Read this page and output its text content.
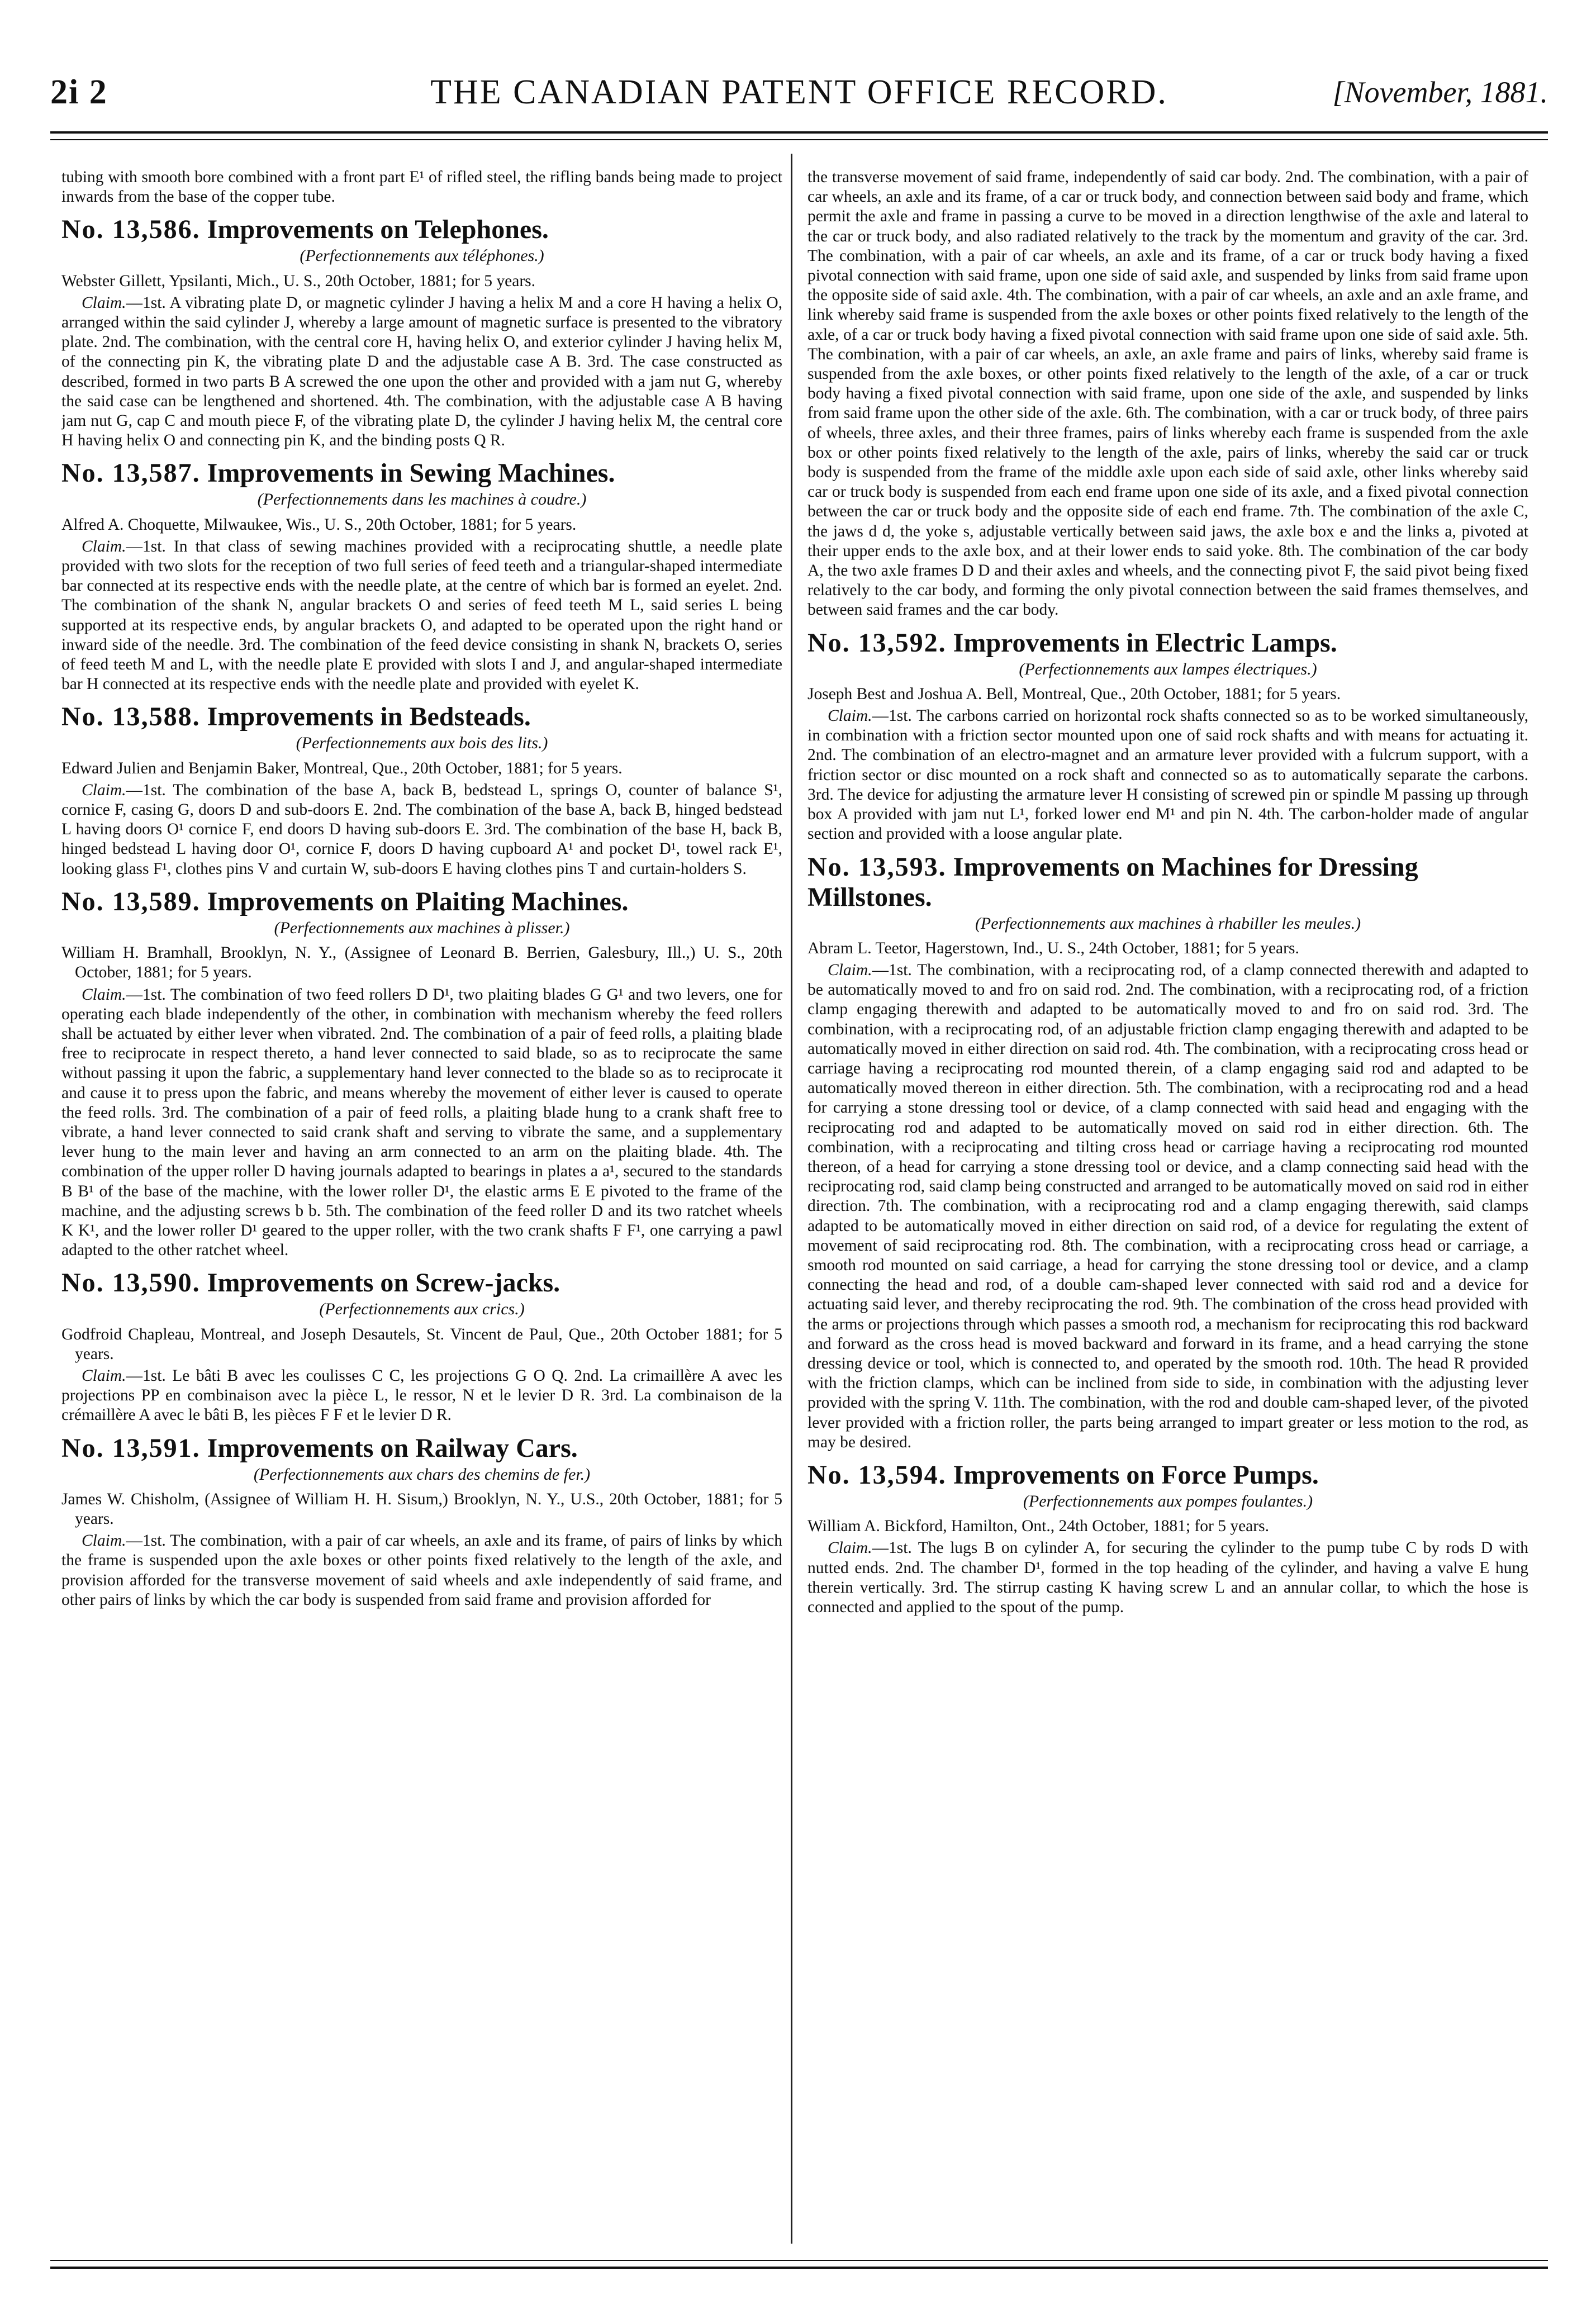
2i 2	THE CANADIAN PATENT OFFICE RECORD.	[November, 1881.

tubing with smooth bore combined with a front part E¹ of rifled steel, the rifling bands being made to project inwards from the base of the copper tube.

No. 13,586. Improvements on Telephones.
(Perfectionnements aux téléphones.)

Webster Gillett, Ypsilanti, Mich., U. S., 20th October, 1881; for 5 years.

Claim.—1st. A vibrating plate D, or magnetic cylinder J having a helix M and a core H having a helix O, arranged within the said cylinder J, whereby a large amount of magnetic surface is presented to the vibratory plate. 2nd. The combination, with the central core H, having helix O, and exterior cylinder J having helix M, of the connecting pin K, the vibrating plate D and the adjustable case A B. 3rd. The case constructed as described, formed in two parts B A screwed the one upon the other and provided with a jam nut G, whereby the said case can be lengthened and shortened. 4th. The combination, with the adjustable case A B having jam nut G, cap C and mouth piece F, of the vibrating plate D, the cylinder J having helix M, the central core H having helix O and connecting pin K, and the binding posts Q R.

No. 13,587. Improvements in Sewing Machines.
(Perfectionnements dans les machines à coudre.)

Alfred A. Choquette, Milwaukee, Wis., U. S., 20th October, 1881; for 5 years.

Claim.—1st. In that class of sewing machines provided with a reciprocating shuttle, a needle plate provided with two slots for the reception of two full series of feed teeth and a triangular-shaped intermediate bar connected at its respective ends with the needle plate, at the centre of which bar is formed an eyelet. 2nd. The combination of the shank N, angular brackets O and series of feed teeth M L, said series L being supported at its respective ends, by angular brackets O, and adapted to be operated upon the right hand or inward side of the needle. 3rd. The combination of the feed device consisting in shank N, brackets O, series of feed teeth M and L, with the needle plate E provided with slots I and J, and angular-shaped intermediate bar H connected at its respective ends with the needle plate and provided with eyelet K.

No. 13,588. Improvements in Bedsteads.
(Perfectionnements aux bois des lits.)

Edward Julien and Benjamin Baker, Montreal, Que., 20th October, 1881; for 5 years.

Claim.—1st. The combination of the base A, back B, bedstead L, springs O, counter of balance S¹, cornice F, casing G, doors D and sub-doors E. 2nd. The combination of the base A, back B, hinged bedstead L having doors O¹ cornice F, end doors D having sub-doors E. 3rd. The combination of the base H, back B, hinged bedstead L having door O¹, cornice F, doors D having cupboard A¹ and pocket D¹, towel rack E¹, looking glass F¹, clothes pins V and curtain W, sub-doors E having clothes pins T and curtain-holders S.

No. 13,589. Improvements on Plaiting Machines.
(Perfectionnements aux machines à plisser.)

William H. Bramhall, Brooklyn, N. Y., (Assignee of Leonard B. Berrien, Galesbury, Ill.,) U. S., 20th October, 1881; for 5 years.

Claim.—1st. The combination of two feed rollers D D¹, two plaiting blades G G¹ and two levers, one for operating each blade independently of the other, in combination with mechanism whereby the feed rollers shall be actuated by either lever when vibrated. 2nd. The combination of a pair of feed rolls, a plaiting blade free to reciprocate in respect thereto, a hand lever connected to said blade, so as to reciprocate the same without passing it upon the fabric, a supplementary hand lever connected to the blade so as to reciprocate it and cause it to press upon the fabric, and means whereby the movement of either lever is caused to operate the feed rolls. 3rd. The combination of a pair of feed rolls, a plaiting blade hung to a crank shaft free to vibrate, a hand lever connected to said crank shaft and serving to vibrate the same, and a supplementary lever hung to the main lever and having an arm connected to an arm on the plaiting blade. 4th. The combination of the upper roller D having journals adapted to bearings in plates a a¹, secured to the standards B B¹ of the base of the machine, with the lower roller D¹, the elastic arms E E pivoted to the frame of the machine, and the adjusting screws b b. 5th. The combination of the feed roller D and its two ratchet wheels K K¹, and the lower roller D¹ geared to the upper roller, with the two crank shafts F F¹, one carrying a pawl adapted to the other ratchet wheel.

No. 13,590. Improvements on Screw-jacks.
(Perfectionnements aux crics.)

Godfroid Chapleau, Montreal, and Joseph Desautels, St. Vincent de Paul, Que., 20th October 1881; for 5 years.

Claim.—1st. Le bâti B avec les coulisses C C, les projections G O Q. 2nd. La crimaillère A avec les projections PP en combinaison avec la pièce L, le ressor, N et le levier D R. 3rd. La combinaison de la crémaillère A avec le bâti B, les pièces F F et le levier D R.

No. 13,591. Improvements on Railway Cars.
(Perfectionnements aux chars des chemins de fer.)

James W. Chisholm, (Assignee of William H. H. Sisum,) Brooklyn, N. Y., U.S., 20th October, 1881; for 5 years.

Claim.—1st. The combination, with a pair of car wheels, an axle and its frame, of pairs of links by which the frame is suspended upon the axle boxes or other points fixed relatively to the length of the axle, and provision afforded for the transverse movement of said wheels and axle independently of said frame, and other pairs of links by which the car body is suspended from said frame and provision afforded for

the transverse movement of said frame, independently of said car body. 2nd. The combination, with a pair of car wheels, an axle and its frame, of a car or truck body, and connection between said body and frame, which permit the axle and frame in passing a curve to be moved in a direction lengthwise of the axle and lateral to the car or truck body, and also radiated relatively to the track by the momentum and gravity of the car. 3rd. The combination, with a pair of car wheels, an axle and its frame, of a car or truck body having a fixed pivotal connection with said frame, upon one side of said axle, and suspended by links from said frame upon the opposite side of said axle. 4th. The combination, with a pair of car wheels, an axle and an axle frame, and link whereby said frame is suspended from the axle boxes or other points fixed relatively to the length of the axle, of a car or truck body having a fixed pivotal connection with said frame upon one side of said axle. 5th. The combination, with a pair of car wheels, an axle, an axle frame and pairs of links, whereby said frame is suspended from the axle boxes, or other points fixed relatively to the length of the axle, of a car or truck body having a fixed pivotal connection with said frame, upon one side of the axle, and suspended by links from said frame upon the other side of the axle. 6th. The combination, with a car or truck body, of three pairs of wheels, three axles, and their three frames, pairs of links whereby each frame is suspended from the axle box or other points fixed relatively to the length of the axle, pairs of links, whereby the said car or truck body is suspended from the frame of the middle axle upon each side of said axle, other links whereby said car or truck body is suspended from each end frame upon one side of its axle, and a fixed pivotal connection between the car or truck body and the opposite side of each end frame. 7th. The combination of the axle C, the jaws d d, the yoke s, adjustable vertically between said jaws, the axle box e and the links a, pivoted at their upper ends to the axle box, and at their lower ends to said yoke. 8th. The combination of the car body A, the two axle frames D D and their axles and wheels, and the connecting pivot F, the said pivot being fixed relatively to the car body, and forming the only pivotal connection between the said frames themselves, and between said frames and the car body.

No. 13,592. Improvements in Electric Lamps.
(Perfectionnements aux lampes électriques.)

Joseph Best and Joshua A. Bell, Montreal, Que., 20th October, 1881; for 5 years.

Claim.—1st. The carbons carried on horizontal rock shafts connected so as to be worked simultaneously, in combination with a friction sector mounted upon one of said rock shafts and with means for actuating it. 2nd. The combination of an electro-magnet and an armature lever provided with a fulcrum support, with a friction sector or disc mounted on a rock shaft and connected so as to automatically separate the carbons. 3rd. The device for adjusting the armature lever H consisting of screwed pin or spindle M passing up through box A provided with jam nut L¹, forked lower end M¹ and pin N. 4th. The carbon-holder made of angular section and provided with a loose angular plate.

No. 13,593. Improvements on Machines for Dressing Millstones.
(Perfectionnements aux machines à rhabiller les meules.)

Abram L. Teetor, Hagerstown, Ind., U. S., 24th October, 1881; for 5 years.

Claim.—1st. The combination, with a reciprocating rod, of a clamp connected therewith and adapted to be automatically moved to and fro on said rod. 2nd. The combination, with a reciprocating rod, of a friction clamp engaging therewith and adapted to be automatically moved to and fro on said rod. 3rd. The combination, with a reciprocating rod, of an adjustable friction clamp engaging therewith and adapted to be automatically moved in either direction on said rod. 4th. The combination, with a reciprocating cross head or carriage having a reciprocating rod mounted therein, of a clamp engaging said rod and adapted to be automatically moved thereon in either direction. 5th. The combination, with a reciprocating rod and a head for carrying a stone dressing tool or device, of a clamp connected with said head and engaging with the reciprocating rod and adapted to be automatically moved on said rod in either direction. 6th. The combination, with a reciprocating and tilting cross head or carriage having a reciprocating rod mounted thereon, of a head for carrying a stone dressing tool or device, and a clamp connecting said head with the reciprocating rod, said clamp being constructed and arranged to be automatically moved on said rod in either direction. 7th. The combination, with a reciprocating rod and a clamp engaging therewith, said clamps adapted to be automatically moved in either direction on said rod, of a device for regulating the extent of movement of said reciprocating rod. 8th. The combination, with a reciprocating cross head or carriage, a smooth rod mounted on said carriage, a head for carrying the stone dressing tool or device, and a clamp connecting the head and rod, of a double cam-shaped lever connected with said rod and a device for actuating said lever, and thereby reciprocating the rod. 9th. The combination of the cross head provided with the arms or projections through which passes a smooth rod, a mechanism for reciprocating this rod backward and forward as the cross head is moved backward and forward in its frame, and a head carrying the stone dressing device or tool, which is connected to, and operated by the smooth rod. 10th. The head R provided with the friction clamps, which can be inclined from side to side, in combination with the adjusting lever provided with the spring V. 11th. The combination, with the rod and double cam-shaped lever, of the pivoted lever provided with a friction roller, the parts being arranged to impart greater or less motion to the rod, as may be desired.

No. 13,594. Improvements on Force Pumps.
(Perfectionnements aux pompes foulantes.)

William A. Bickford, Hamilton, Ont., 24th October, 1881; for 5 years.

Claim.—1st. The lugs B on cylinder A, for securing the cylinder to the pump tube C by rods D with nutted ends. 2nd. The chamber D¹, formed in the top heading of the cylinder, and having a valve E hung therein vertically. 3rd. The stirrup casting K having screw L and an annular collar, to which the hose is connected and applied to the spout of the pump.
